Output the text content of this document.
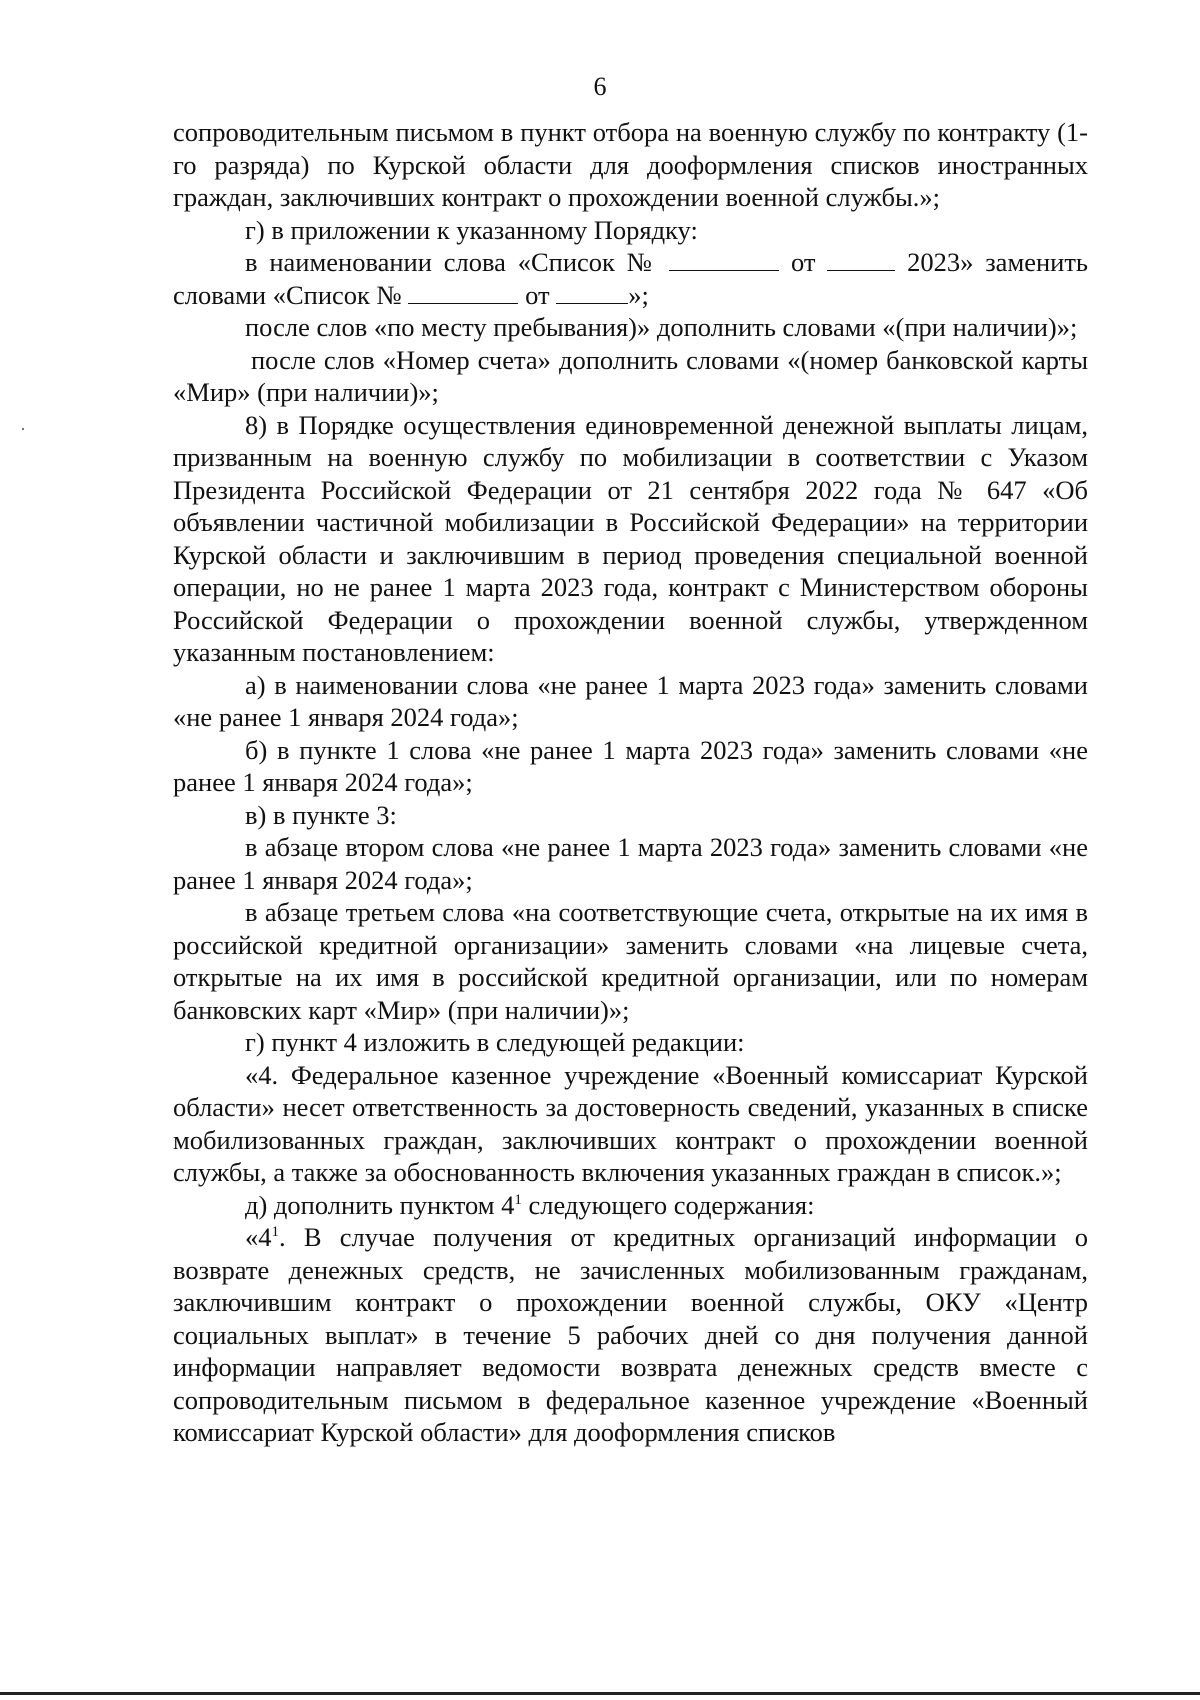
6

сопроводительным письмом в пункт отбора на военную службу по контракту (1-го разряда) по Курской области для дооформления списков иностранных граждан, заключивших контракт о прохождении военной службы.»;

г) в приложении к указанному Порядку:

в наименовании слова «Список №	от	2023» заменить словами «Список №	от	»;

после слов «по месту пребывания)» дополнить словами «(при наличии)»;

после слов «Номер счета» дополнить словами «(номер банковской карты «Мир» (при наличии)»;

8) в Порядке осуществления единовременной денежной выплаты лицам, призванным на военную службу по мобилизации в соответствии с Указом Президента Российской Федерации от 21 сентября 2022 года № 647 «Об объявлении частичной мобилизации в Российской Федерации» на территории Курской области и заключившим в период проведения специальной военной операции, но не ранее 1 марта 2023 года, контракт с Министерством обороны Российской Федерации о прохождении военной службы, утвержденном указанным постановлением:

а) в наименовании слова «не ранее 1 марта 2023 года» заменить словами «не ранее 1 января 2024 года»;

б) в пункте 1 слова «не ранее 1 марта 2023 года» заменить словами «не ранее 1 января 2024 года»;

в) в пункте 3:

в абзаце втором слова «не ранее 1 марта 2023 года» заменить словами «не ранее 1 января 2024 года»;

в абзаце третьем слова «на соответствующие счета, открытые на их имя в российской кредитной организации» заменить словами «на лицевые счета, открытые на их имя в российской кредитной организации, или по номерам банковских карт «Мир» (при наличии)»;

г) пункт 4 изложить в следующей редакции:

«4. Федеральное казенное учреждение «Военный комиссариат Курской области» несет ответственность за достоверность сведений, указанных в списке мобилизованных граждан, заключивших контракт о прохождении военной службы, а также за обоснованность включения указанных граждан в список.»;

д) дополнить пунктом $4^1$ следующего содержания:

«$4^1$. В случае получения от кредитных организаций информации о возврате денежных средств, не зачисленных мобилизованным гражданам, заключившим контракт о прохождении военной службы, ОКУ «Центр социальных выплат» в течение 5 рабочих дней со дня получения данной информации направляет ведомости возврата денежных средств вместе с сопроводительным письмом в федеральное казенное учреждение «Военный комиссариат Курской области» для дооформления списков
